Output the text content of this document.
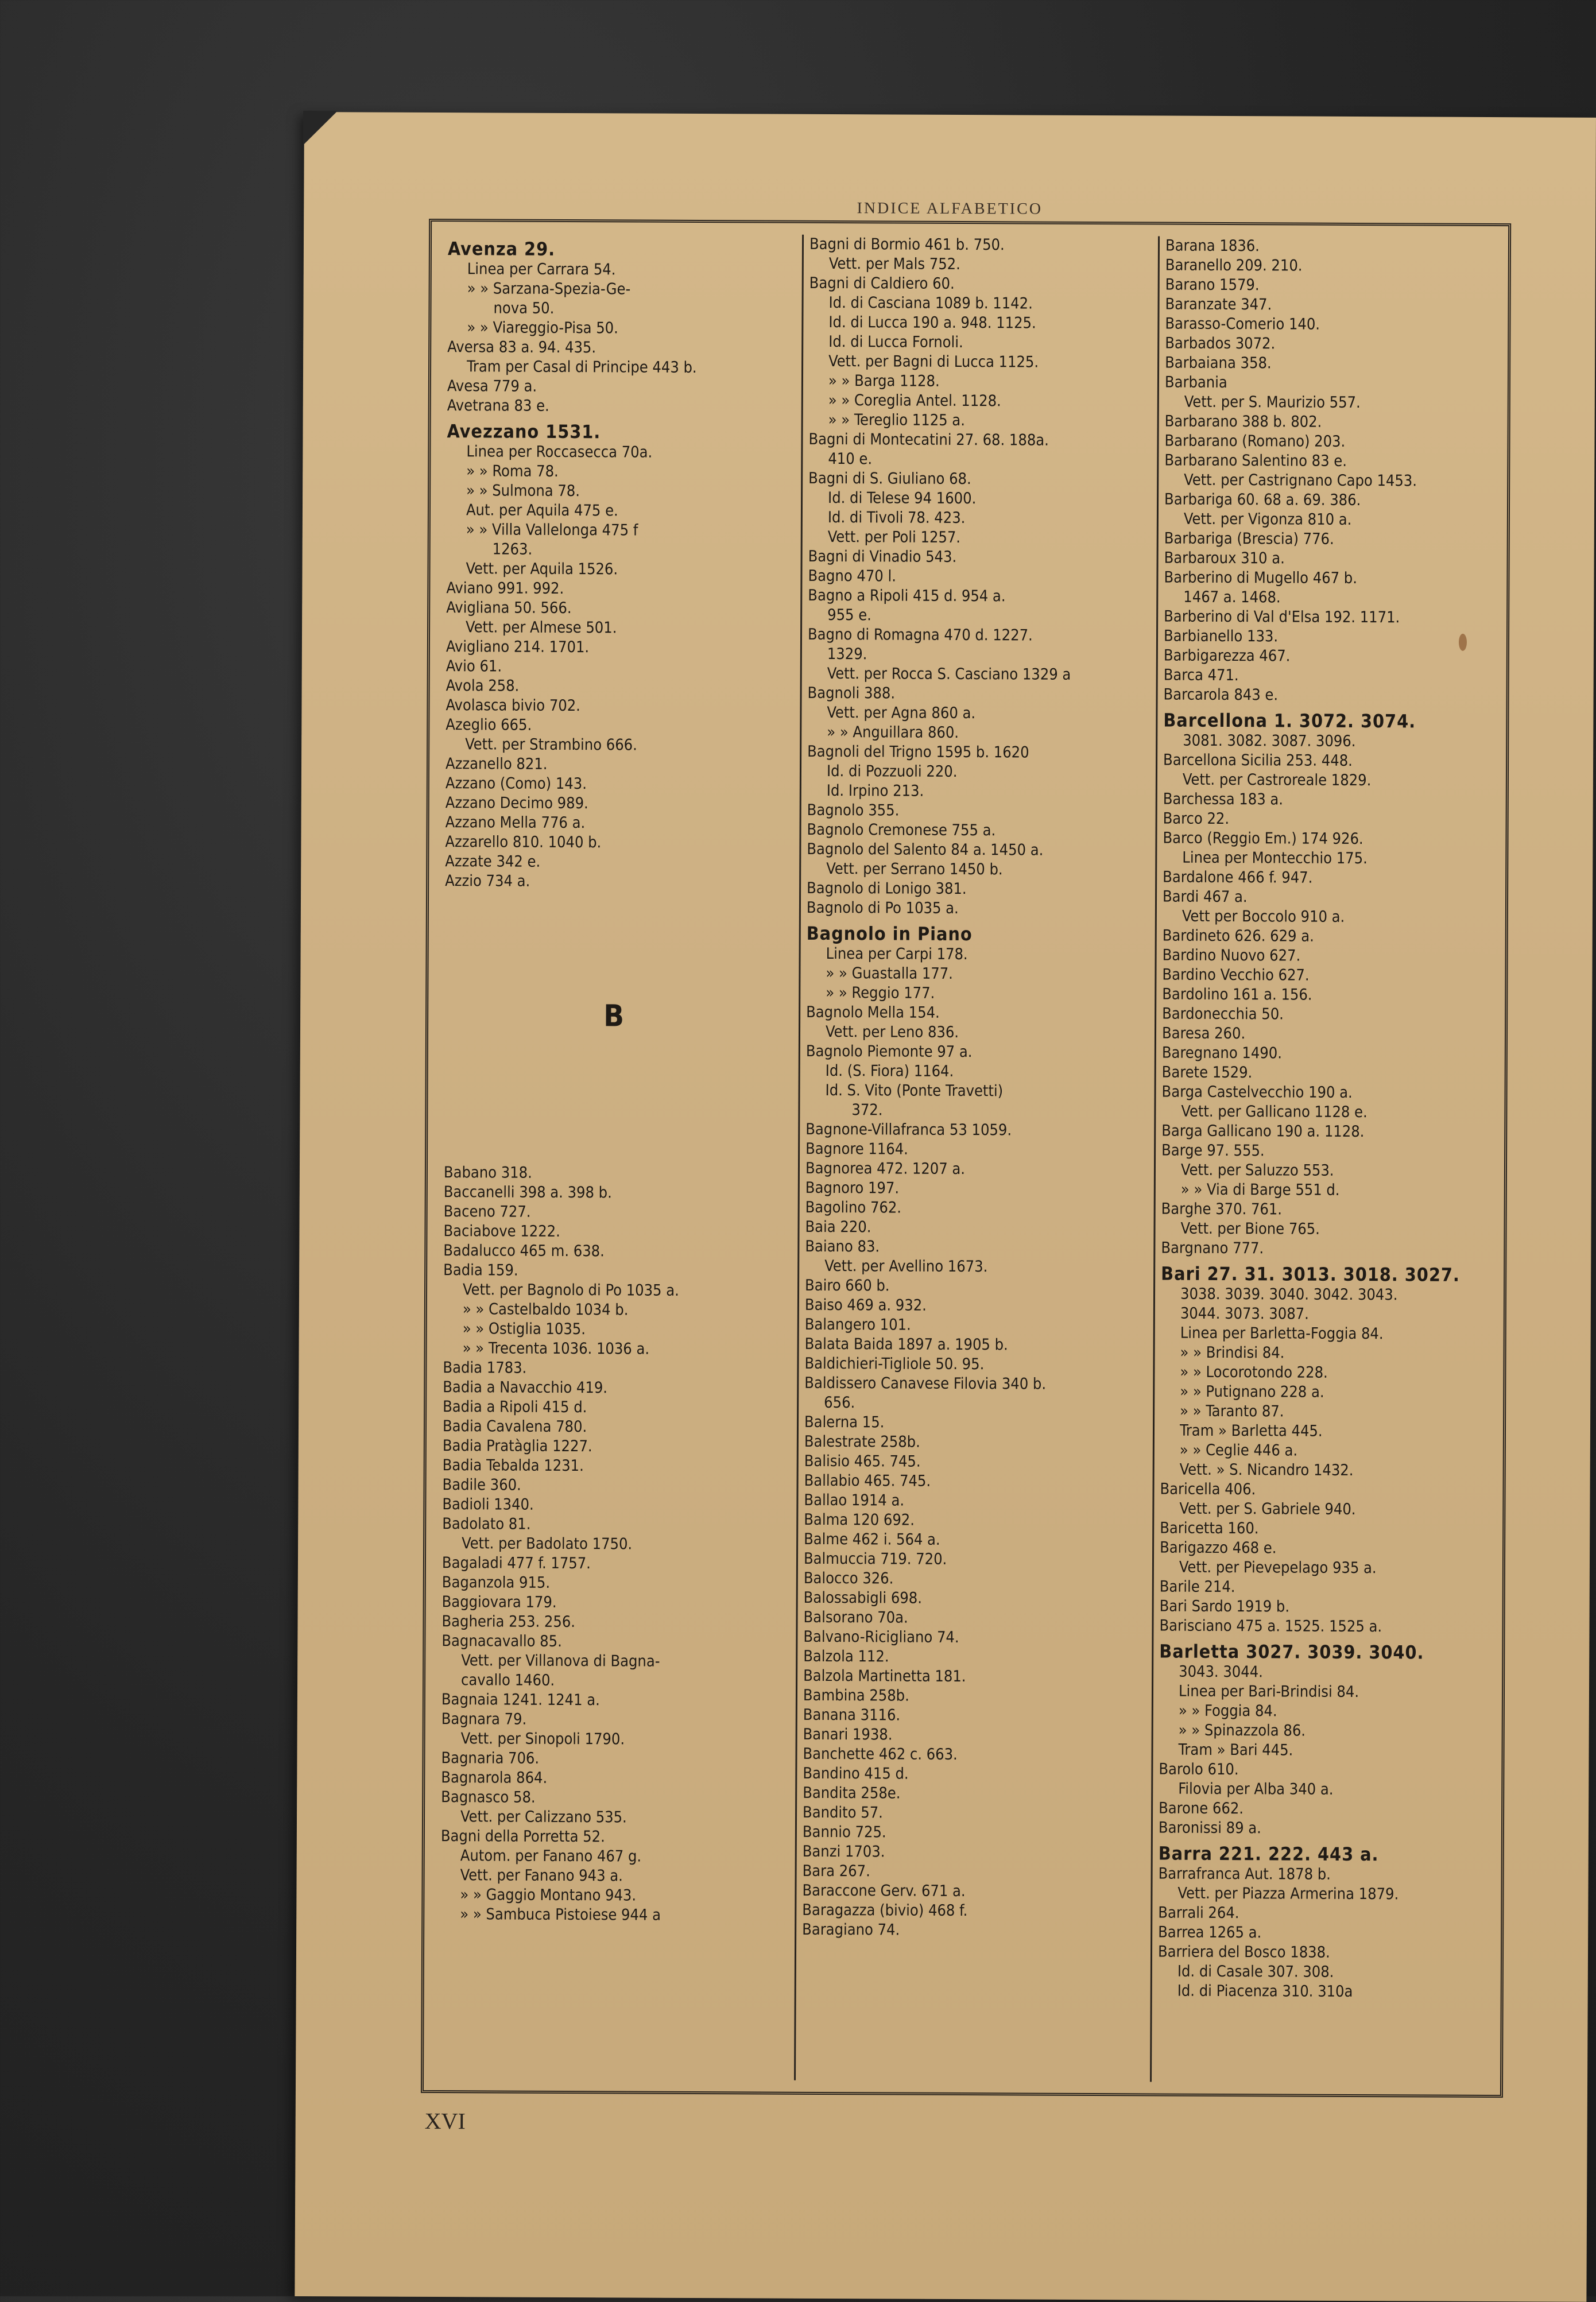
INDICE ALFABETICO
Avenza 29.
Linea per Carrara 54.
» » Sarzana-Spezia-Ge-
nova 50.
» » Viareggio-Pisa 50.
Aversa 83 a. 94. 435.
Tram per Casal di Principe 443 b.
Avesa 779 a.
Avetrana 83 e.
Avezzano 1531.
Linea per Roccasecca 70a.
» » Roma 78.
» » Sulmona 78.
Aut. per Aquila 475 e.
» » Villa Vallelonga 475 f
1263.
Vett. per Aquila 1526.
Aviano 991. 992.
Avigliana 50. 566.
Vett. per Almese 501.
Avigliano 214. 1701.
Avio 61.
Avola 258.
Avolasca bivio 702.
Azeglio 665.
Vett. per Strambino 666.
Azzanello 821.
Azzano (Como) 143.
Azzano Decimo 989.
Azzano Mella 776 a.
Azzarello 810. 1040 b.
Azzate 342 e.
Azzio 734 a.
B
Babano 318.
Baccanelli 398 a. 398 b.
Baceno 727.
Baciabove 1222.
Badalucco 465 m. 638.
Badia 159.
Vett. per Bagnolo di Po 1035 a.
» » Castelbaldo 1034 b.
» » Ostiglia 1035.
» » Trecenta 1036. 1036 a.
Badia 1783.
Badia a Navacchio 419.
Badia a Ripoli 415 d.
Badia Cavalena 780.
Badia Pratàglia 1227.
Badia Tebalda 1231.
Badile 360.
Badioli 1340.
Badolato 81.
Vett. per Badolato 1750.
Bagaladi 477 f. 1757.
Baganzola 915.
Baggiovara 179.
Bagheria 253. 256.
Bagnacavallo 85.
Vett. per Villanova di Bagna-
cavallo 1460.
Bagnaia 1241. 1241 a.
Bagnara 79.
Vett. per Sinopoli 1790.
Bagnaria 706.
Bagnarola 864.
Bagnasco 58.
Vett. per Calizzano 535.
Bagni della Porretta 52.
Autom. per Fanano 467 g.
Vett. per Fanano 943 a.
» » Gaggio Montano 943.
» » Sambuca Pistoiese 944 a
Bagni di Bormio 461 b. 750.
Vett. per Mals 752.
Bagni di Caldiero 60.
Id. di Casciana 1089 b. 1142.
Id. di Lucca 190 a. 948. 1125.
Id. di Lucca Fornoli.
Vett. per Bagni di Lucca 1125.
» » Barga 1128.
» » Coreglia Antel. 1128.
» » Tereglio 1125 a.
Bagni di Montecatini 27. 68. 188a.
410 e.
Bagni di S. Giuliano 68.
Id. di Telese 94 1600.
Id. di Tivoli 78. 423.
Vett. per Poli 1257.
Bagni di Vinadio 543.
Bagno 470 l.
Bagno a Ripoli 415 d. 954 a.
955 e.
Bagno di Romagna 470 d. 1227.
1329.
Vett. per Rocca S. Casciano 1329 a
Bagnoli 388.
Vett. per Agna 860 a.
» » Anguillara 860.
Bagnoli del Trigno 1595 b. 1620
Id. di Pozzuoli 220.
Id. Irpino 213.
Bagnolo 355.
Bagnolo Cremonese 755 a.
Bagnolo del Salento 84 a. 1450 a.
Vett. per Serrano 1450 b.
Bagnolo di Lonigo 381.
Bagnolo di Po 1035 a.
Bagnolo in Piano
Linea per Carpi 178.
» » Guastalla 177.
» » Reggio 177.
Bagnolo Mella 154.
Vett. per Leno 836.
Bagnolo Piemonte 97 a.
Id. (S. Fiora) 1164.
Id. S. Vito (Ponte Travetti)
372.
Bagnone-Villafranca 53 1059.
Bagnore 1164.
Bagnorea 472. 1207 a.
Bagnoro 197.
Bagolino 762.
Baia 220.
Baiano 83.
Vett. per Avellino 1673.
Bairo 660 b.
Baiso 469 a. 932.
Balangero 101.
Balata Baida 1897 a. 1905 b.
Baldichieri-Tigliole 50. 95.
Baldissero Canavese Filovia 340 b.
656.
Balerna 15.
Balestrate 258b.
Balisio 465. 745.
Ballabio 465. 745.
Ballao 1914 a.
Balma 120 692.
Balme 462 i. 564 a.
Balmuccia 719. 720.
Balocco 326.
Balossabigli 698.
Balsorano 70a.
Balvano-Ricigliano 74.
Balzola 112.
Balzola Martinetta 181.
Bambina 258b.
Banana 3116.
Banari 1938.
Banchette 462 c. 663.
Bandino 415 d.
Bandita 258e.
Bandito 57.
Bannio 725.
Banzi 1703.
Bara 267.
Baraccone Gerv. 671 a.
Baragazza (bivio) 468 f.
Baragiano 74.
Barana 1836.
Baranello 209. 210.
Barano 1579.
Baranzate 347.
Barasso-Comerio 140.
Barbados 3072.
Barbaiana 358.
Barbania
Vett. per S. Maurizio 557.
Barbarano 388 b. 802.
Barbarano (Romano) 203.
Barbarano Salentino 83 e.
Vett. per Castrignano Capo 1453.
Barbariga 60. 68 a. 69. 386.
Vett. per Vigonza 810 a.
Barbariga (Brescia) 776.
Barbaroux 310 a.
Barberino di Mugello 467 b.
1467 a. 1468.
Barberino di Val d'Elsa 192. 1171.
Barbianello 133.
Barbigarezza 467.
Barca 471.
Barcarola 843 e.
Barcellona 1. 3072. 3074.
3081. 3082. 3087. 3096.
Barcellona Sicilia 253. 448.
Vett. per Castroreale 1829.
Barchessa 183 a.
Barco 22.
Barco (Reggio Em.) 174 926.
Linea per Montecchio 175.
Bardalone 466 f. 947.
Bardi 467 a.
Vett per Boccolo 910 a.
Bardineto 626. 629 a.
Bardino Nuovo 627.
Bardino Vecchio 627.
Bardolino 161 a. 156.
Bardonecchia 50.
Baresa 260.
Baregnano 1490.
Barete 1529.
Barga Castelvecchio 190 a.
Vett. per Gallicano 1128 e.
Barga Gallicano 190 a. 1128.
Barge 97. 555.
Vett. per Saluzzo 553.
» » Via di Barge 551 d.
Barghe 370. 761.
Vett. per Bione 765.
Bargnano 777.
Bari 27. 31. 3013. 3018. 3027.
3038. 3039. 3040. 3042. 3043.
3044. 3073. 3087.
Linea per Barletta-Foggia 84.
» » Brindisi 84.
» » Locorotondo 228.
» » Putignano 228 a.
» » Taranto 87.
Tram » Barletta 445.
» » Ceglie 446 a.
Vett. » S. Nicandro 1432.
Baricella 406.
Vett. per S. Gabriele 940.
Baricetta 160.
Barigazzo 468 e.
Vett. per Pievepelago 935 a.
Barile 214.
Bari Sardo 1919 b.
Barisciano 475 a. 1525. 1525 a.
Barletta 3027. 3039. 3040.
3043. 3044.
Linea per Bari-Brindisi 84.
» » Foggia 84.
» » Spinazzola 86.
Tram » Bari 445.
Barolo 610.
Filovia per Alba 340 a.
Barone 662.
Baronissi 89 a.
Barra 221. 222. 443 a.
Barrafranca Aut. 1878 b.
Vett. per Piazza Armerina 1879.
Barrali 264.
Barrea 1265 a.
Barriera del Bosco 1838.
Id. di Casale 307. 308.
Id. di Piacenza 310. 310a
XVI
